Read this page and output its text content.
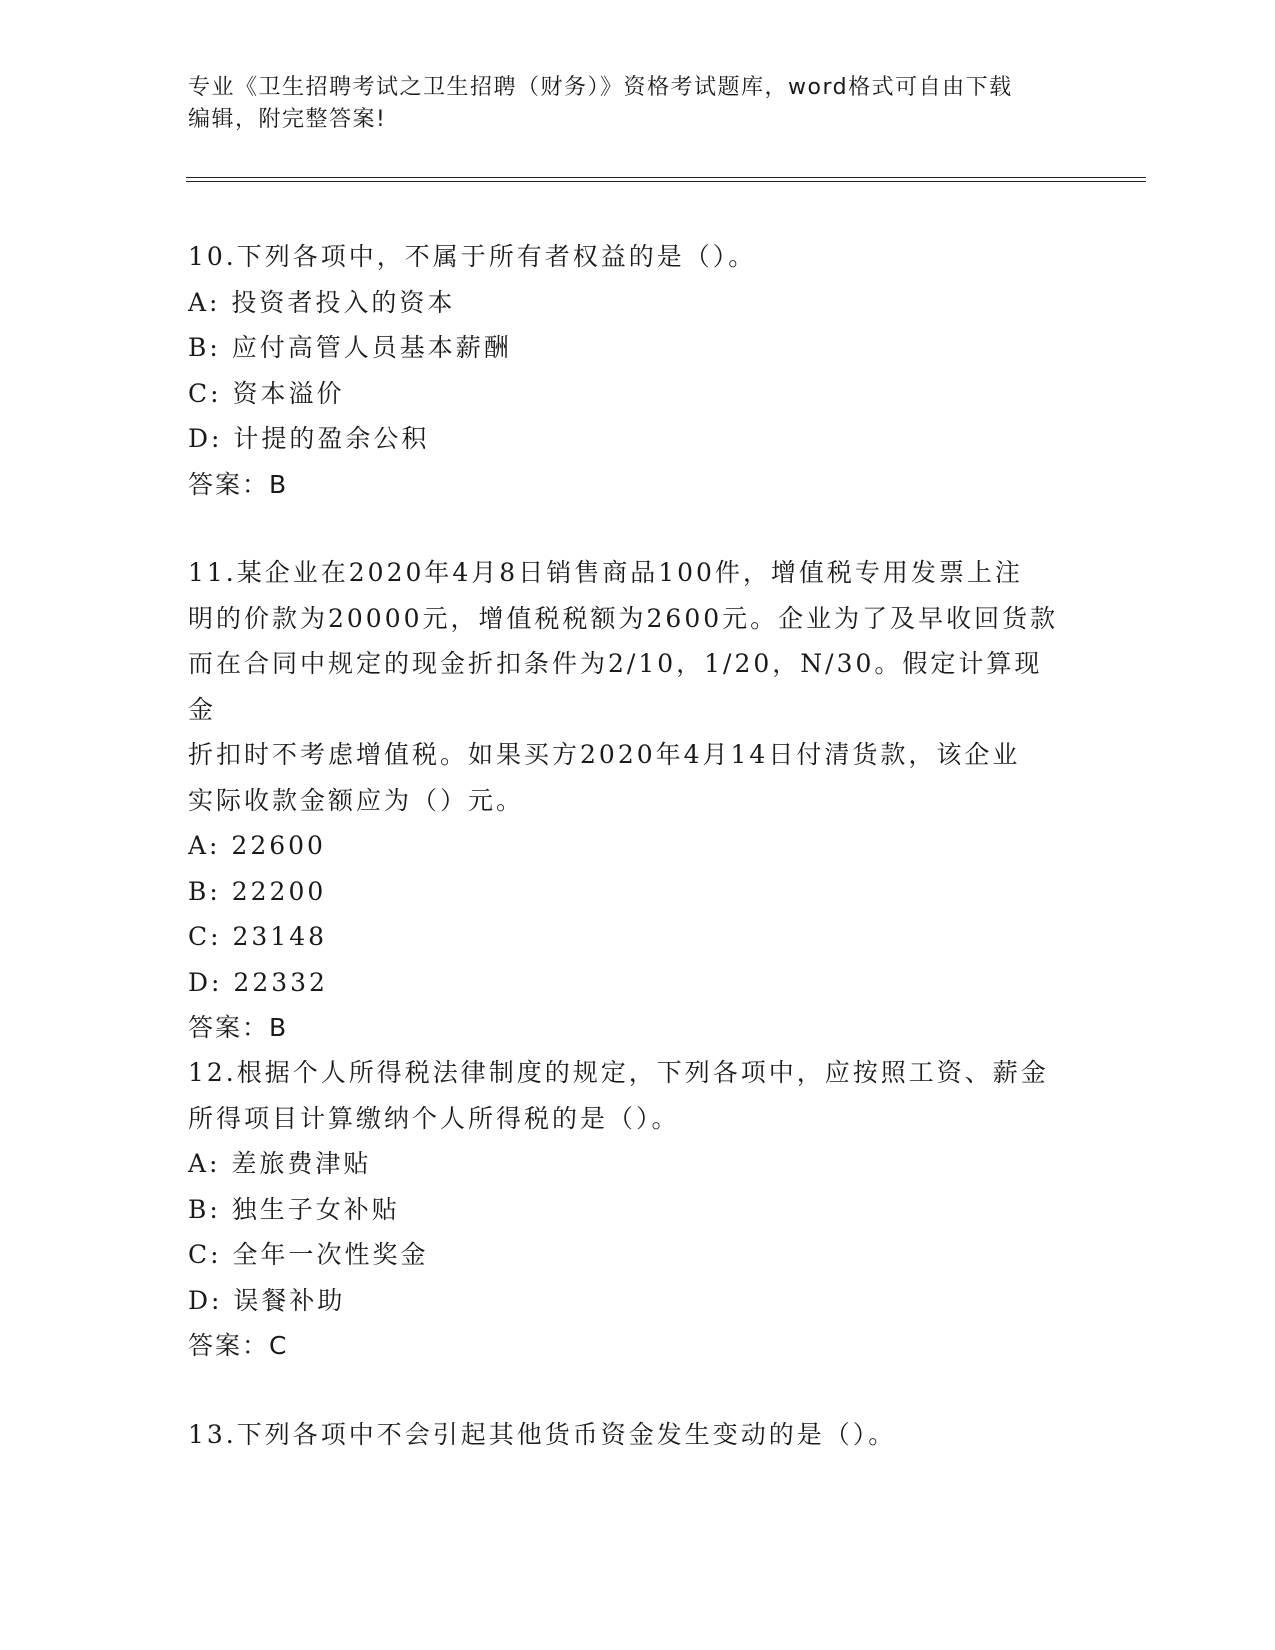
专业《卫生招聘考试之卫生招聘（财务）》资格考试题库，word格式可自由下载
编辑，附完整答案!
10.下列各项中，不属于所有者权益的是（）。
A: 投资者投入的资本
B: 应付高管人员基本薪酬
C: 资本溢价
D: 计提的盈余公积
答案：B
11.某企业在2020年4月8日销售商品100件，增值税专用发票上注
明的价款为20000元，增值税税额为2600元。企业为了及早收回货款
而在合同中规定的现金折扣条件为2/10，1/20，N/30。假定计算现金
折扣时不考虑增值税。如果买方2020年4月14日付清货款，该企业
实际收款金额应为（）元。
A: 22600
B: 22200
C: 23148
D: 22332
答案：B
12.根据个人所得税法律制度的规定，下列各项中，应按照工资、薪金
所得项目计算缴纳个人所得税的是（）。
A: 差旅费津贴
B: 独生子女补贴
C: 全年一次性奖金
D: 误餐补助
答案：C
13.下列各项中不会引起其他货币资金发生变动的是（）。
